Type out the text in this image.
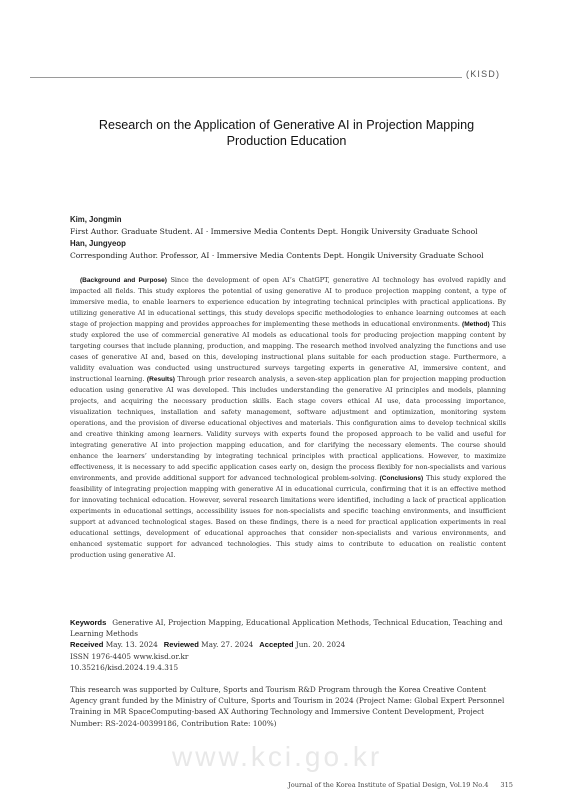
(KISD)
Research on the Application of Generative AI in Projection Mapping
Production Education
Kim, Jongmin
First Author. Graduate Student. AI · Immersive Media Contents Dept. Hongik University Graduate School
Han, Jungyeop
Corresponding Author. Professor, AI · Immersive Media Contents Dept. Hongik University Graduate School
(Background and Purpose) Since the development of open AI’s ChatGPT, generative AI technology has evolved rapidly and impacted all fields. This study explores the potential of using generative AI to produce projection mapping content, a type of immersive media, to enable learners to experience education by integrating technical principles with practical applications. By utilizing generative AI in educational settings, this study develops specific methodologies to enhance learning outcomes at each stage of projection mapping and provides approaches for implementing these methods in educational environments. (Method) This study explored the use of commercial generative AI models as educational tools for producing projection mapping content by targeting courses that include planning, production, and mapping. The research method involved analyzing the functions and use cases of generative AI and, based on this, developing instructional plans suitable for each production stage. Furthermore, a validity evaluation was conducted using unstructured surveys targeting experts in generative AI, immersive content, and instructional learning. (Results) Through prior research analysis, a seven-step application plan for projection mapping production education using generative AI was developed. This includes understanding the generative AI principles and models, planning projects, and acquiring the necessary production skills. Each stage covers ethical AI use, data processing importance, visualization techniques, installation and safety management, software adjustment and optimization, monitoring system operations, and the provision of diverse educational objectives and materials. This configuration aims to develop technical skills and creative thinking among learners. Validity surveys with experts found the proposed approach to be valid and useful for integrating generative AI into projection mapping education, and for clarifying the necessary elements. The course should enhance the learners’ understanding by integrating technical principles with practical applications. However, to maximize effectiveness, it is necessary to add specific application cases early on, design the process flexibly for non-specialists and various environments, and provide additional support for advanced technological problem-solving. (Conclusions) This study explored the feasibility of integrating projection mapping with generative AI in educational curricula, confirming that it is an effective method for innovating technical education. However, several research limitations were identified, including a lack of practical application experiments in educational settings, accessibility issues for non-specialists and specific teaching environments, and insufficient support at advanced technological stages. Based on these findings, there is a need for practical application experiments in real educational settings, development of educational approaches that consider non-specialists and various environments, and enhanced systematic support for advanced technologies. This study aims to contribute to education on realistic content production using generative AI.
Keywords Generative AI, Projection Mapping, Educational Application Methods, Technical Education, Teaching and Learning Methods
Received May. 13. 2024 Reviewed May. 27. 2024 Accepted Jun. 20. 2024
ISSN 1976-4405 www.kisd.or.kr
10.35216/kisd.2024.19.4.315
This research was supported by Culture, Sports and Tourism R&D Program through the Korea Creative Content Agency grant funded by the Ministry of Culture, Sports and Tourism in 2024 (Project Name: Global Expert Personnel Training in MR SpaceComputing-based AX Authoring Technology and Immersive Content Development, Project Number: RS-2024-00399186, Contribution Rate: 100%)
www.kci.go.kr
Journal of the Korea Institute of Spatial Design, Vol.19 No.4 315
